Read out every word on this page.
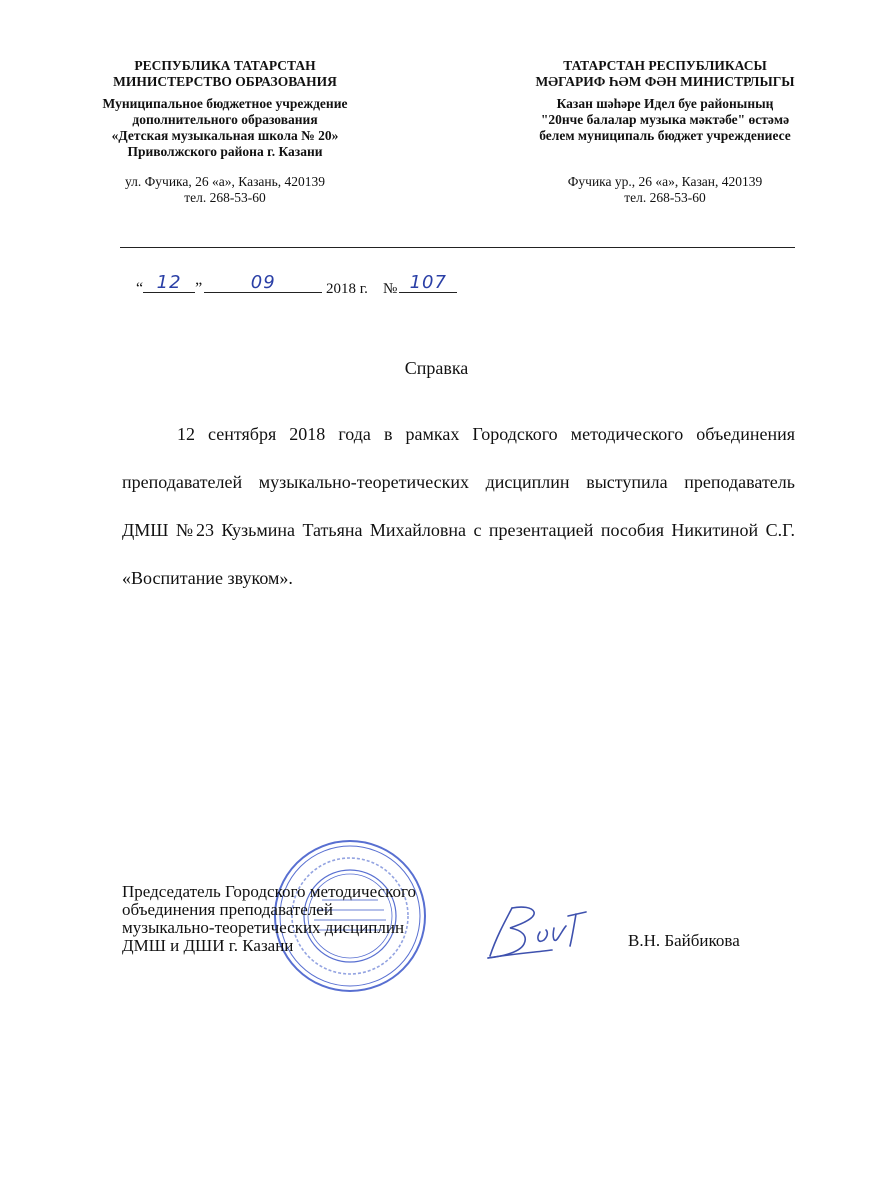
РЕСПУБЛИКА ТАТАРСТАН
МИНИСТЕРСТВО ОБРАЗОВАНИЯ
Муниципальное бюджетное учреждение
дополнительного образования
«Детская музыкальная школа № 20»
Приволжского района г. Казани
ул. Фучика, 26 «а», Казань, 420139
тел. 268-53-60
ТАТАРСТАН РЕСПУБЛИКАСЫ
МӘГАРИФ ҺӘМ ФӘН МИНИСТРЛЫГЫ
Казан шәһәре Идел буе районының
"20нче балалар музыка мәктәбе" өстәмә
белем муниципаль бюджет учреждениесе
Фучика ур., 26 «а», Казан, 420139
тел. 268-53-60
“ 12 ”	09	2018 г. № 107
Справка
12 сентября 2018 года в рамках Городского методического объединения преподавателей музыкально-теоретических дисциплин выступила преподаватель ДМШ №23 Кузьмина Татьяна Михайловна с презентацией пособия Никитиной С.Г. «Воспитание звуком».
Председатель Городского методического
объединения преподавателей
музыкально-теоретических дисциплин
ДМШ и ДШИ г. Казани	В.Н. Байбикова
